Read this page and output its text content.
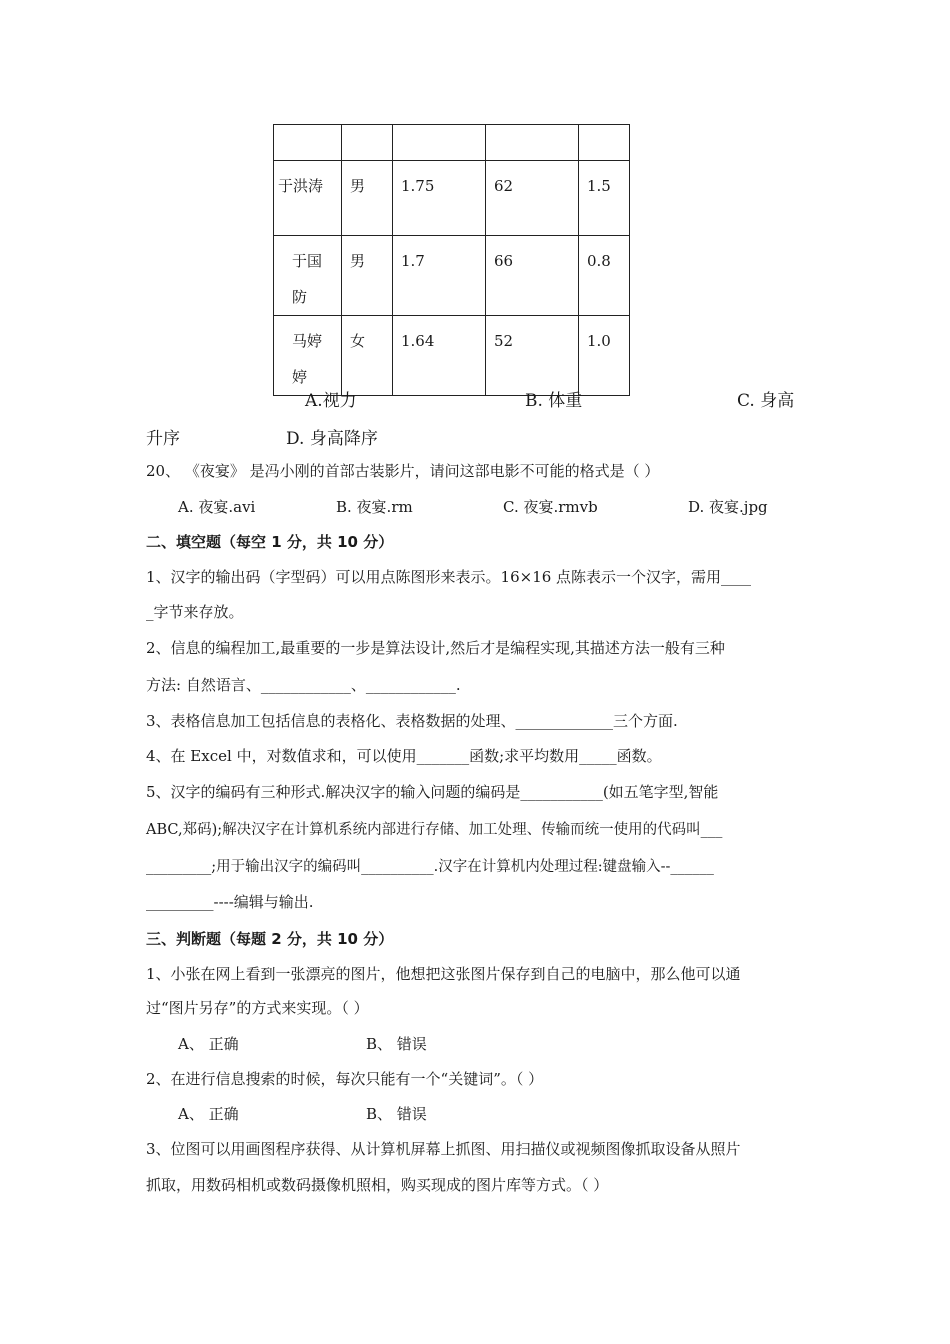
于洪涛	男	1.75	62	1.5

于国防	男	1.7	66	0.8

马婷婷	女	1.64	52	1.0
A.视力	B. 体重	C. 身高
升序	D. 身高降序
20、 《夜宴》 是冯小刚的首部古装影片，请问这部电影不可能的格式是（ ）
A. 夜宴.avi	B. 夜宴.rm	C. 夜宴.rmvb	D. 夜宴.jpg
二、填空题（每空 1 分，共 10 分）
1、汉字的输出码（字型码）可以用点陈图形来表示。16×16 点陈表示一个汉字，需用____
_字节来存放。
2、信息的编程加工,最重要的一步是算法设计,然后才是编程实现,其描述方法一般有三种
方法: 自然语言、____________、____________.
3、表格信息加工包括信息的表格化、表格数据的处理、_____________三个方面.
4、在 Excel 中，对数值求和，可以使用_______函数;求平均数用_____函数。
5、汉字的编码有三种形式.解决汉字的输入问题的编码是___________(如五笔字型,智能
ABC,郑码);解决汉字在计算机系统内部进行存储、加工处理、传输而统一使用的代码叫___
_________;用于输出汉字的编码叫__________.汉字在计算机内处理过程:键盘输入--______
_________----编辑与输出.
三、判断题（每题 2 分，共 10 分）
1、小张在网上看到一张漂亮的图片，他想把这张图片保存到自己的电脑中，那么他可以通
过“图片另存”的方式来实现。（ ）
A、 正确	B、 错误
2、在进行信息搜索的时候，每次只能有一个“关键词”。（ ）
A、 正确	B、 错误
3、位图可以用画图程序获得、从计算机屏幕上抓图、用扫描仪或视频图像抓取设备从照片
抓取，用数码相机或数码摄像机照相，购买现成的图片库等方式。（ ）
